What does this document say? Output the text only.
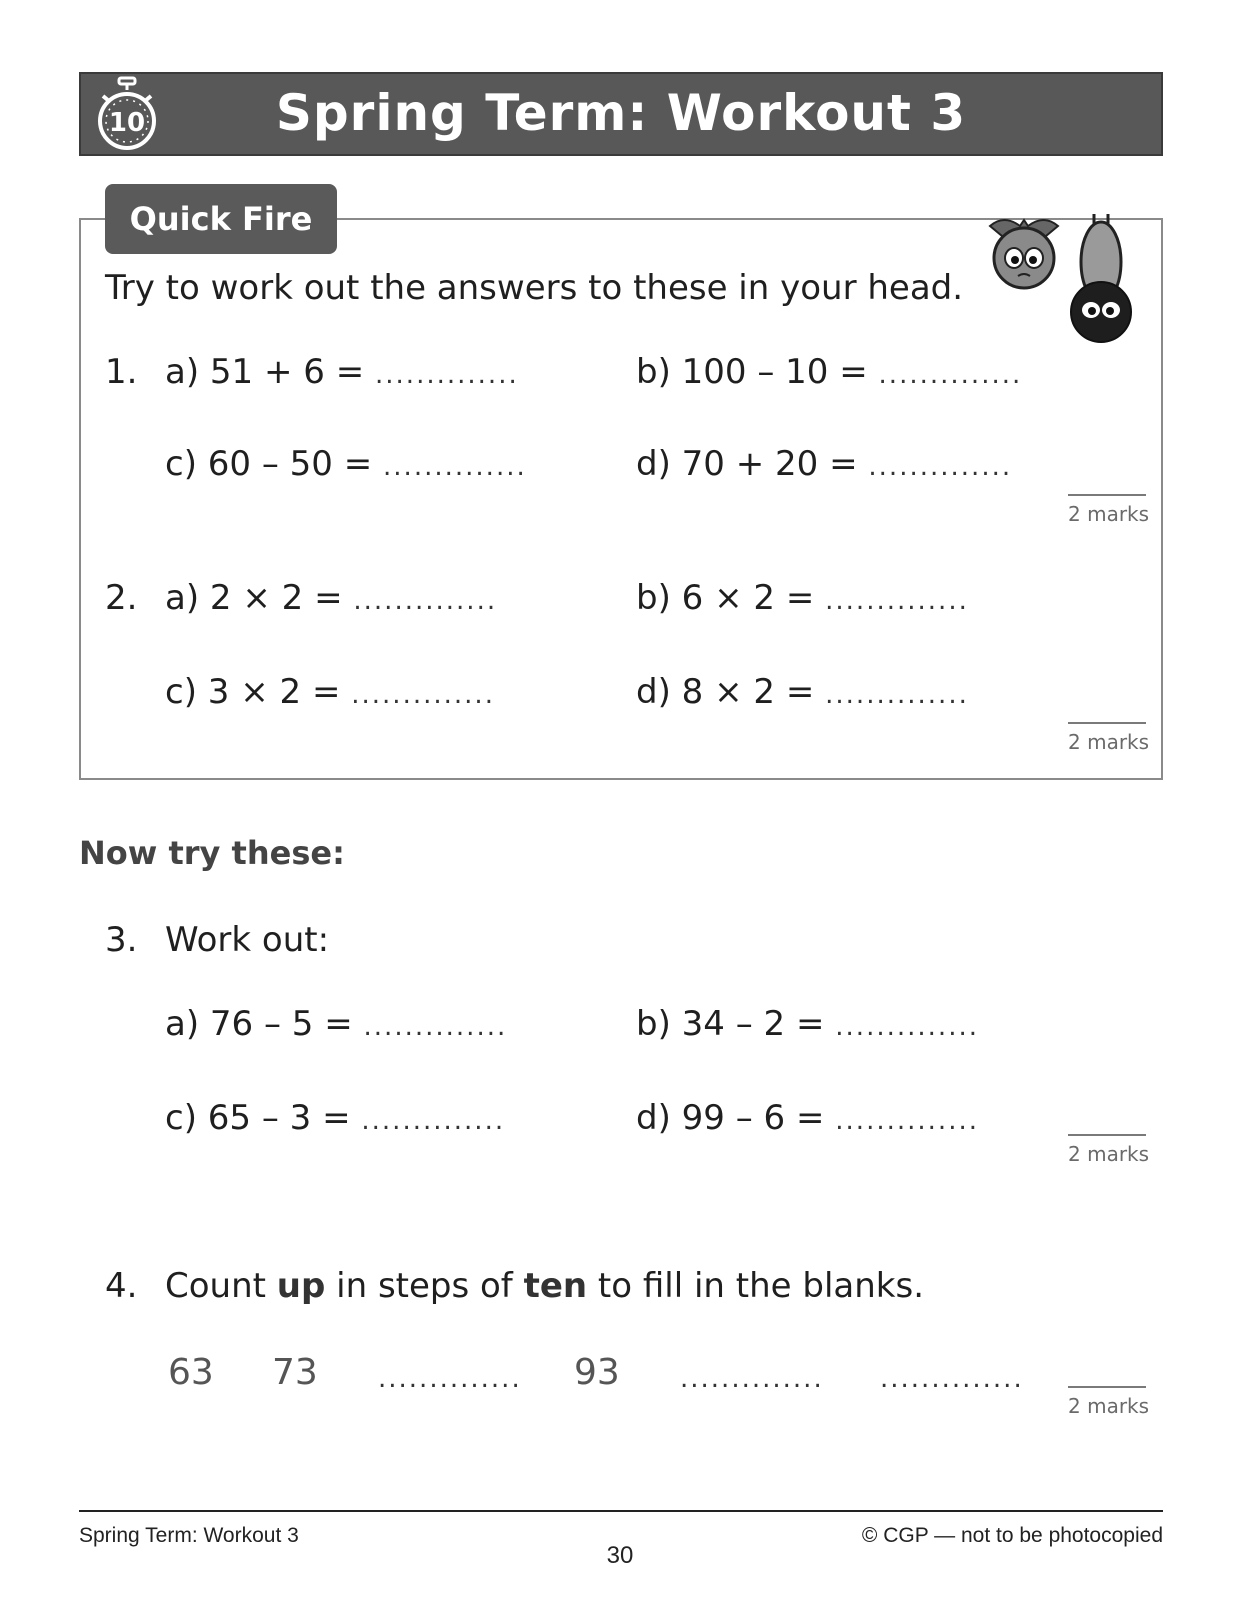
10	Spring Term: Workout 3
Quick Fire
Try to work out the answers to these in your head.
1. a) 51 + 6 = ..............	b) 100 – 10 = ..............
c) 60 – 50 = ..............	d) 70 + 20 = ..............
2 marks
2. a) 2 × 2 = ..............	b) 6 × 2 = ..............
c) 3 × 2 = ..............	d) 8 × 2 = ..............
2 marks
Now try these:
3. Work out:
a) 76 – 5 = ..............	b) 34 – 2 = ..............
c) 65 – 3 = ..............	d) 99 – 6 = ..............
2 marks
4. Count up in steps of ten to fill in the blanks.
63 73 .............. 93 .............. ..............
2 marks
Spring Term: Workout 3
30
© CGP — not to be photocopied
